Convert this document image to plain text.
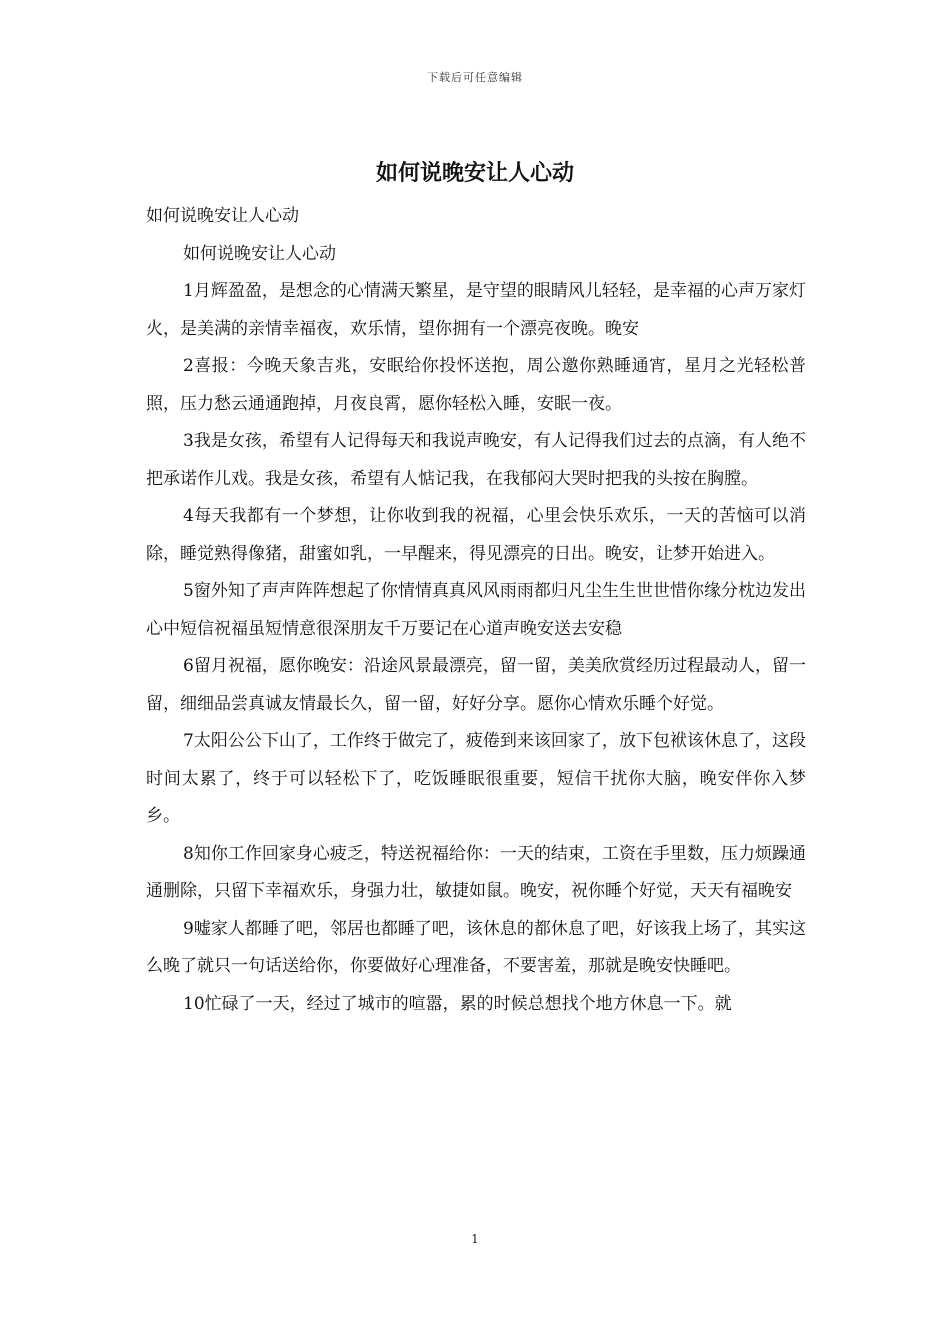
下载后可任意编辑
如何说晚安让人心动

如何说晚安让人心动

如何说晚安让人心动

1月辉盈盈，是想念的心情满天繁星，是守望的眼睛风儿轻轻，是幸福的心声万家灯火，是美满的亲情幸福夜，欢乐情，望你拥有一个漂亮夜晚。晚安

2喜报：今晚天象吉兆，安眠给你投怀送抱，周公邀你熟睡通宵，星月之光轻松普照，压力愁云通通跑掉，月夜良霄，愿你轻松入睡，安眠一夜。

3我是女孩，希望有人记得每天和我说声晚安，有人记得我们过去的点滴，有人绝不把承诺作儿戏。我是女孩，希望有人惦记我，在我郁闷大哭时把我的头按在胸膛。

4每天我都有一个梦想，让你收到我的祝福，心里会快乐欢乐，一天的苦恼可以消除，睡觉熟得像猪，甜蜜如乳，一早醒来，得见漂亮的日出。晚安，让梦开始进入。

5窗外知了声声阵阵想起了你情情真真风风雨雨都归凡尘生生世世惜你缘分枕边发出心中短信祝福虽短情意很深朋友千万要记在心道声晚安送去安稳

6留月祝福，愿你晚安：沿途风景最漂亮，留一留，美美欣赏经历过程最动人，留一留，细细品尝真诚友情最长久，留一留，好好分享。愿你心情欢乐睡个好觉。

7太阳公公下山了，工作终于做完了，疲倦到来该回家了，放下包袱该休息了，这段时间太累了，终于可以轻松下了，吃饭睡眠很重要，短信干扰你大脑，晚安伴你入梦乡。

8知你工作回家身心疲乏，特送祝福给你：一天的结束，工资在手里数，压力烦躁通通删除，只留下幸福欢乐，身强力壮，敏捷如鼠。晚安，祝你睡个好觉，天天有福晚安

9嘘家人都睡了吧，邻居也都睡了吧，该休息的都休息了吧，好该我上场了，其实这么晚了就只一句话送给你，你要做好心理准备，不要害羞，那就是晚安快睡吧。

10忙碌了一天，经过了城市的喧嚣，累的时候总想找个地方休息一下。就

1
